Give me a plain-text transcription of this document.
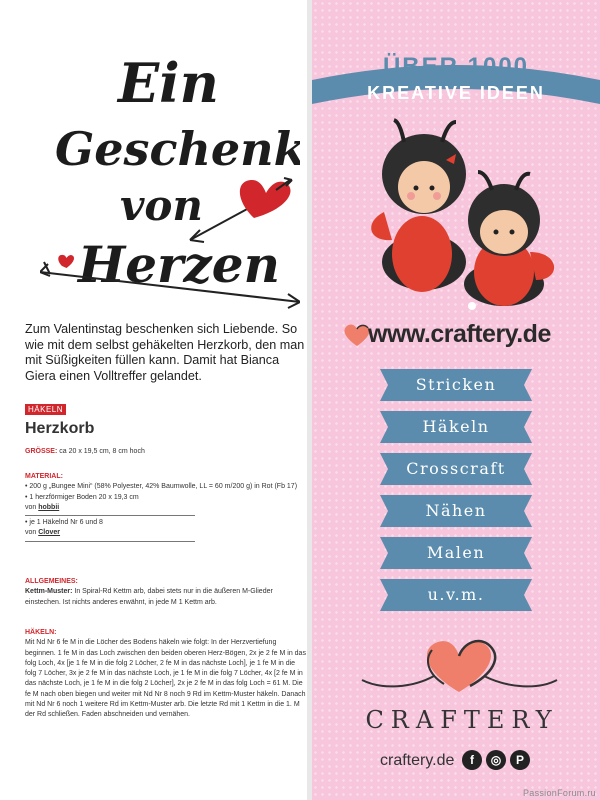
Ein
Geschenk
von
Herzen

Zum Valentinstag beschenken sich Liebende. So wie mit dem selbst gehäkelten Herzkorb, den man mit Süßigkeiten füllen kann. Damit hat Bianca Giera einen Volltreffer gelandet.

HÄKELN
Herzkorb
GRÖSSE: ca 20 x 19,5 cm, 8 cm hoch
MATERIAL:
• 200 g „Bungee Mini“ (58% Polyester, 42% Baumwolle, LL = 60 m/200 g) in Rot (Fb 17)
• 1 herzförmiger Boden 20 x 19,3 cm
von hobbii
• je 1 Häkelnd Nr 6 und 8
von Clover
ALLGEMEINES:
Kettm-Muster: In Spiral-Rd Kettm arb, dabei stets nur in die äußeren M-Glieder einstechen. Ist nichts anderes erwähnt, in jede M 1 Kettm arb.
HÄKELN:
Mit Nd Nr 6 fe M in die Löcher des Bodens häkeln wie folgt: In der Herzvertiefung beginnen. 1 fe M in das Loch zwischen den beiden oberen Herz-Bögen, 2x je 2 fe M in das folg Loch, 4x [je 1 fe M in die folg 2 Löcher, 2 fe M in das nächste Loch], je 1 fe M in die folg 7 Löcher, 3x je 2 fe M in das nächste Loch, je 1 fe M in die folg 7 Löcher, 4x [2 fe M in das nächste Loch, je 1 fe M in die folg 2 Löcher], 2x je 2 fe M in das folg Loch = 61 M. Die fe M nach oben biegen und weiter mit Nd Nr 8 noch 9 Rd im Kettm-Muster häkeln. Danach mit Nd Nr 6 noch 1 weitere Rd im Kettm-Muster arb. Die letzte Rd mit 1 Kettm in die 1. M der Rd schließen. Faden abschneiden und vernähen.
ÜBER 1000
KREATIVE IDEEN
www.craftery.de
Stricken
Häkeln
Crosscraft
Nähen
Malen
u.v.m.
CRAFTERY
craftery.de	f	◎	P
PassionForum.ru
